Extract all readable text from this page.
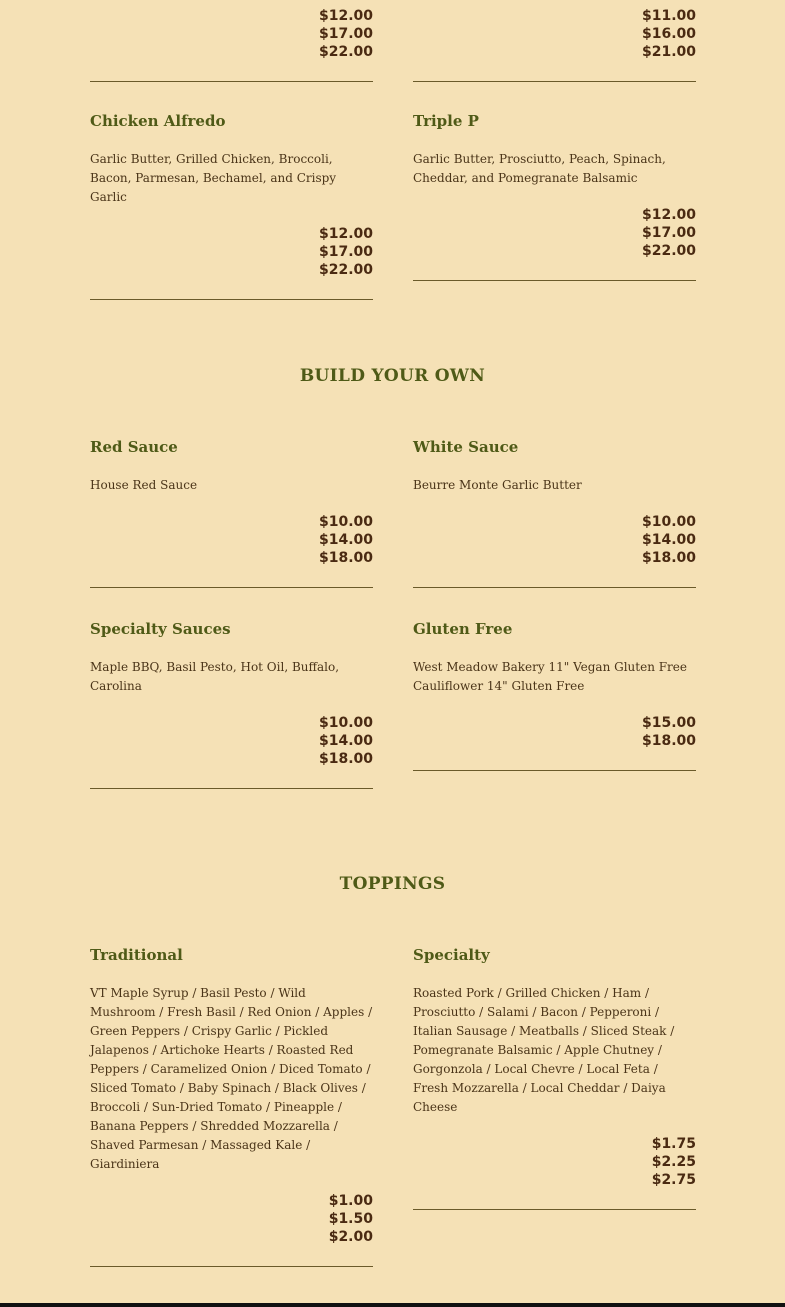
$12.00
$17.00
$22.00
$11.00
$16.00
$21.00
Chicken Alfredo
Garlic Butter, Grilled Chicken, Broccoli, Bacon, Parmesan, Bechamel, and Crispy Garlic
$12.00
$17.00
$22.00
Triple P
Garlic Butter, Prosciutto, Peach, Spinach, Cheddar, and Pomegranate Balsamic
$12.00
$17.00
$22.00
BUILD YOUR OWN
Red Sauce
House Red Sauce
$10.00
$14.00
$18.00
White Sauce
Beurre Monte Garlic Butter
$10.00
$14.00
$18.00
Specialty Sauces
Maple BBQ, Basil Pesto, Hot Oil, Buffalo, Carolina
$10.00
$14.00
$18.00
Gluten Free
West Meadow Bakery 11" Vegan Gluten Free Cauliflower 14" Gluten Free
$15.00
$18.00
TOPPINGS
Traditional
VT Maple Syrup / Basil Pesto / Wild Mushroom / Fresh Basil / Red Onion / Apples / Green Peppers / Crispy Garlic / Pickled Jalapenos / Artichoke Hearts / Roasted Red Peppers / Caramelized Onion / Diced Tomato / Sliced Tomato / Baby Spinach / Black Olives / Broccoli / Sun-Dried Tomato / Pineapple / Banana Peppers / Shredded Mozzarella / Shaved Parmesan / Massaged Kale / Giardiniera
$1.00
$1.50
$2.00
Specialty
Roasted Pork / Grilled Chicken / Ham / Prosciutto / Salami / Bacon / Pepperoni / Italian Sausage / Meatballs / Sliced Steak / Pomegranate Balsamic / Apple Chutney / Gorgonzola / Local Chevre / Local Feta / Fresh Mozzarella / Local Cheddar / Daiya Cheese
$1.75
$2.25
$2.75
